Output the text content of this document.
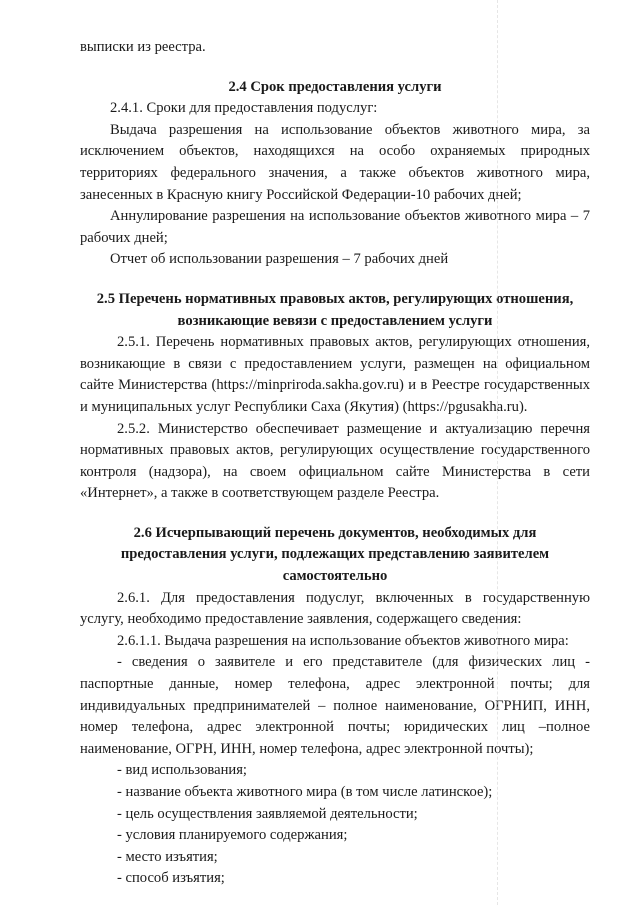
выписки из реестра.

2.4 Срок предоставления услуги

2.4.1. Сроки для предоставления подуслуг:

Выдача разрешения на использование объектов животного мира, за исключением объектов, находящихся на особо охраняемых природных территориях федерального значения, а также объектов животного мира, занесенных в Красную книгу Российской Федерации-10 рабочих дней;

Аннулирование разрешения на использование объектов животного мира – 7 рабочих дней;

Отчет об использовании разрешения – 7 рабочих дней

2.5 Перечень нормативных правовых актов, регулирующих отношения, возникающие вевязи с предоставлением услуги

2.5.1. Перечень нормативных правовых актов, регулирующих отношения, возникающие в связи с предоставлением услуги, размещен на официальном сайте Министерства (https://minpriroda.sakha.gov.ru) и в Реестре государственных и муниципальных услуг Республики Саха (Якутия) (https://pgusakha.ru).

2.5.2. Министерство обеспечивает размещение и актуализацию перечня нормативных правовых актов, регулирующих осуществление государственного контроля (надзора), на своем официальном сайте Министерства в сети «Интернет», а также в соответствующем разделе Реестра.

2.6 Исчерпывающий перечень документов, необходимых для предоставления услуги, подлежащих представлению заявителем самостоятельно

2.6.1. Для предоставления подуслуг, включенных в государственную услугу, необходимо предоставление заявления, содержащего сведения:

2.6.1.1. Выдача разрешения на использование объектов животного мира:

- сведения о заявителе и его представителе (для физических лиц - паспортные данные, номер телефона, адрес электронной почты; для индивидуальных предпринимателей – полное наименование, ОГРНИП, ИНН, номер телефона, адрес электронной почты; юридических лиц –полное наименование, ОГРН, ИНН, номер телефона, адрес электронной почты);

- вид использования;

- название объекта животного мира (в том числе латинское);

- цель осуществления заявляемой деятельности;

- условия планируемого содержания;

- место изъятия;

- способ изъятия;
